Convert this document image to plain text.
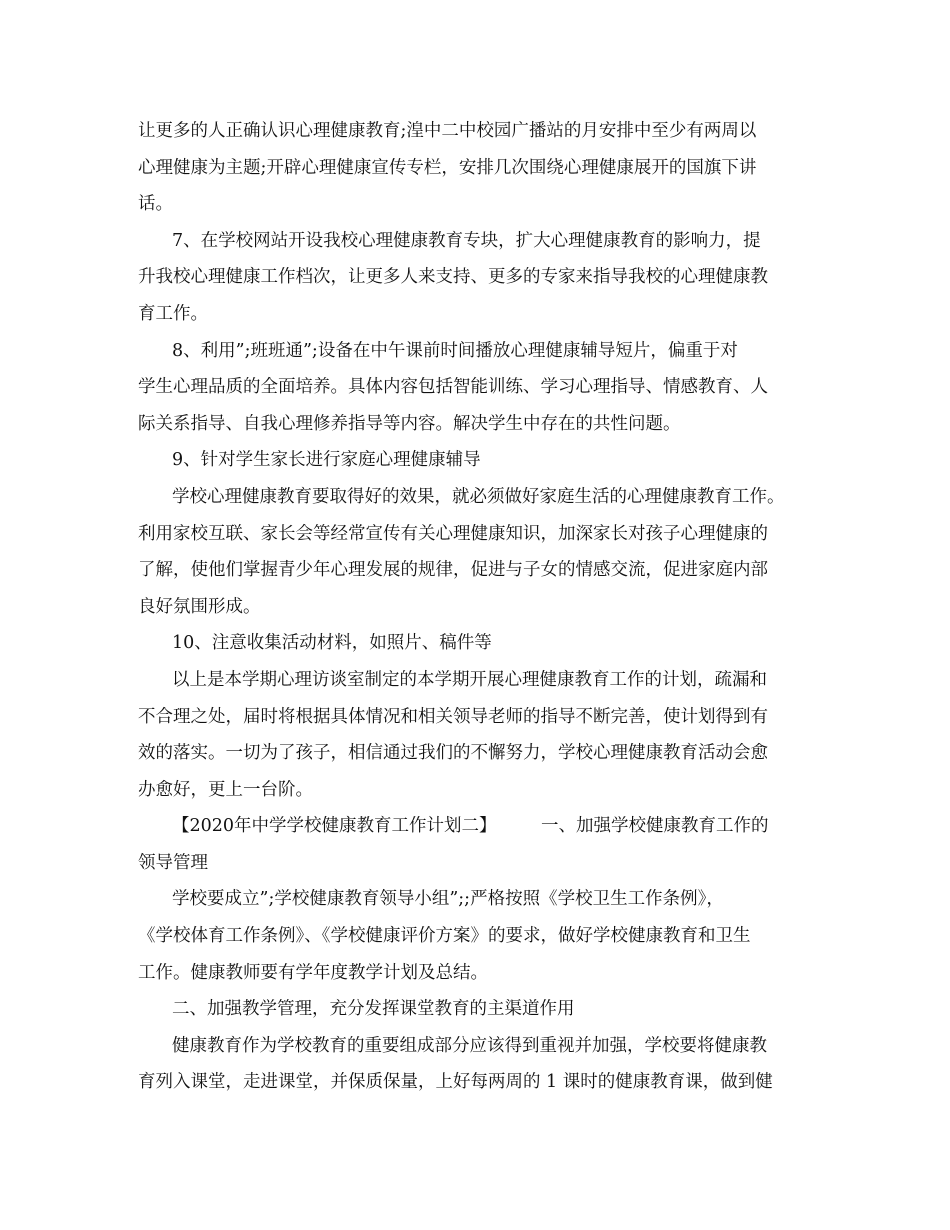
让更多的人正确认识心理健康教育;湟中二中校园广播站的月安排中至少有两周以
心理健康为主题;开辟心理健康宣传专栏，安排几次围绕心理健康展开的国旗下讲
话。
7、在学校网站开设我校心理健康教育专块，扩大心理健康教育的影响力，提
升我校心理健康工作档次，让更多人来支持、更多的专家来指导我校的心理健康教
育工作。
8、利用”;班班通”;设备在中午课前时间播放心理健康辅导短片，偏重于对
学生心理品质的全面培养。具体内容包括智能训练、学习心理指导、情感教育、人
际关系指导、自我心理修养指导等内容。解决学生中存在的共性问题。
9、针对学生家长进行家庭心理健康辅导
学校心理健康教育要取得好的效果，就必须做好家庭生活的心理健康教育工作。
利用家校互联、家长会等经常宣传有关心理健康知识，加深家长对孩子心理健康的
了解，使他们掌握青少年心理发展的规律，促进与子女的情感交流，促进家庭内部
良好氛围形成。
10、注意收集活动材料，如照片、稿件等
以上是本学期心理访谈室制定的本学期开展心理健康教育工作的计划，疏漏和
不合理之处，届时将根据具体情况和相关领导老师的指导不断完善，使计划得到有
效的落实。一切为了孩子，相信通过我们的不懈努力，学校心理健康教育活动会愈
办愈好，更上一台阶。
【2020年中学学校健康教育工作计划二】        一、加强学校健康教育工作的
领导管理
学校要成立”;学校健康教育领导小组”;;严格按照《学校卫生工作条例》，
《学校体育工作条例》、《学校健康评价方案》的要求，做好学校健康教育和卫生
工作。健康教师要有学年度教学计划及总结。
二、加强教学管理，充分发挥课堂教育的主渠道作用
健康教育作为学校教育的重要组成部分应该得到重视并加强，学校要将健康教
育列入课堂，走进课堂，并保质保量，上好每两周的 1 课时的健康教育课，做到健
